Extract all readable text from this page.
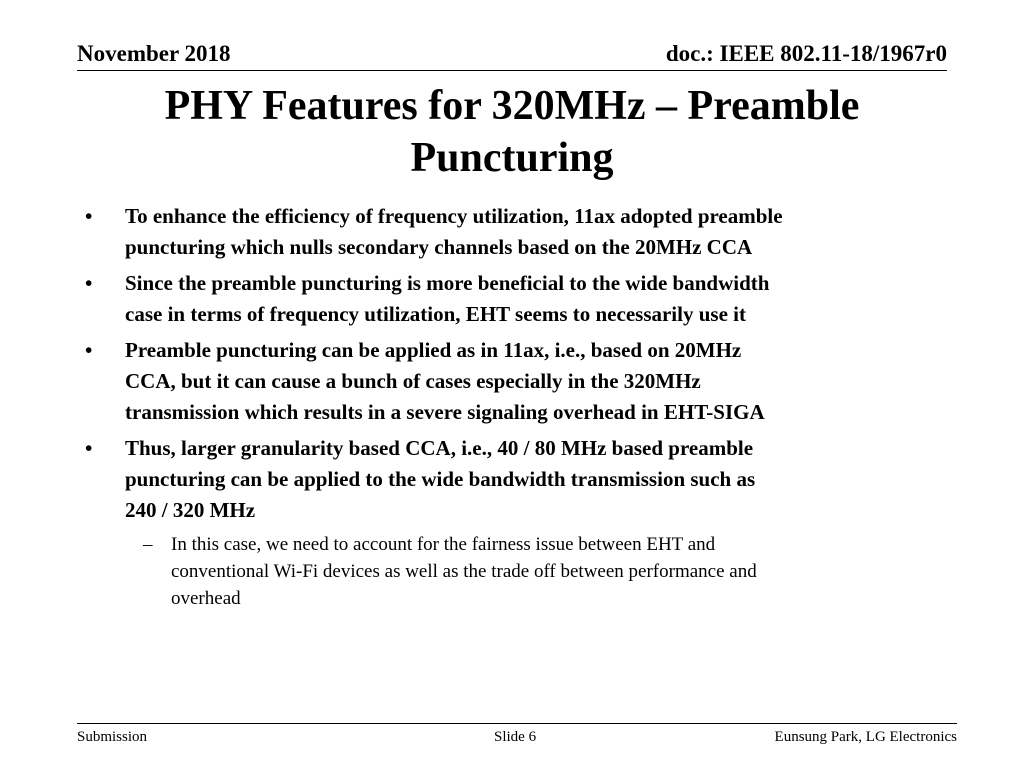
November 2018	doc.: IEEE 802.11-18/1967r0
PHY Features for 320MHz – Preamble
Puncturing
• To enhance the efficiency of frequency utilization, 11ax adopted preamble
puncturing which nulls secondary channels based on the 20MHz CCA
• Since the preamble puncturing is more beneficial to the wide bandwidth
case in terms of frequency utilization, EHT seems to necessarily use it
• Preamble puncturing can be applied as in 11ax, i.e., based on 20MHz
CCA, but it can cause a bunch of cases especially in the 320MHz
transmission which results in a severe signaling overhead in EHT-SIGA
• Thus, larger granularity based CCA, i.e., 40 / 80 MHz based preamble
puncturing can be applied to the wide bandwidth transmission such as
240 / 320 MHz
– In this case, we need to account for the fairness issue between EHT and
conventional Wi-Fi devices as well as the trade off between performance and
overhead
Submission	Slide 6	Eunsung Park, LG Electronics
